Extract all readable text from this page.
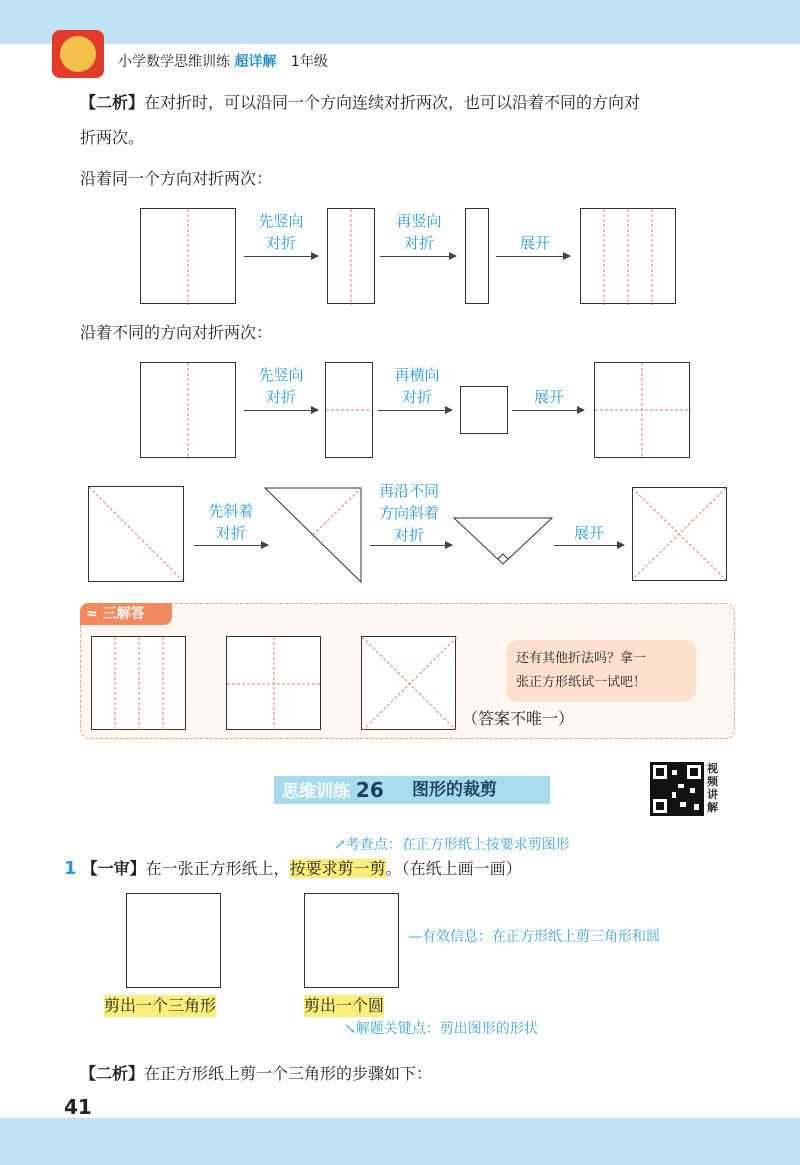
小学数学思维训练 超详解 1年级
【二析】在对折时，可以沿同一个方向连续对折两次，也可以沿着不同的方向对
折两次。
沿着同一个方向对折两次：
先竖向
对折
再竖向
对折	展开
沿着不同的方向对折两次：
先竖向
对折
再横向
对折	展开
先斜着
对折
再沿不同
方向斜着
对折	展开
≈ 三解答
还有其他折法吗？拿一
张正方形纸试一试吧！
（答案不唯一）
思维训练 26 图形的裁剪
视
频
讲
解
↗考查点：在正方形纸上按要求剪图形
1 【一审】在一张正方形纸上，按要求剪一剪。（在纸上画一画）
—有效信息：在正方形纸上剪三角形和圆
剪出一个三角形	剪出一个圆
↘解题关键点：剪出图形的形状
【二析】在正方形纸上剪一个三角形的步骤如下：
41
